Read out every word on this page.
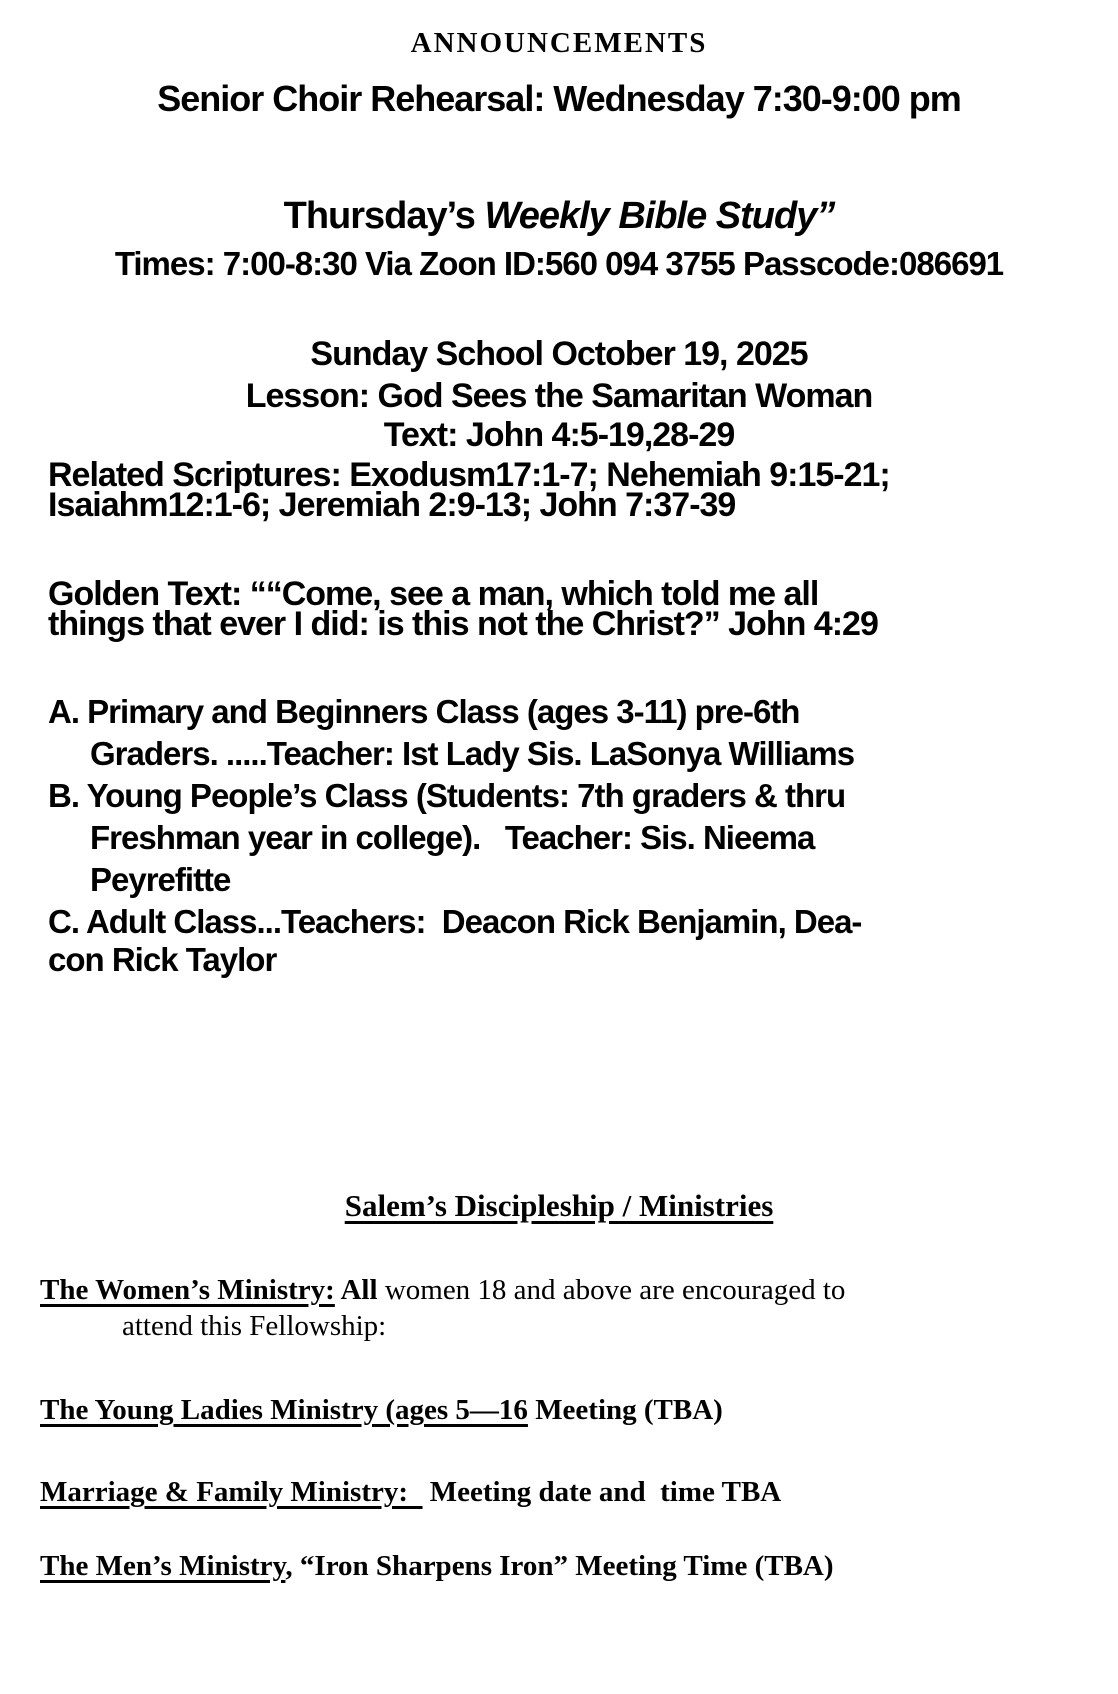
ANNOUNCEMENTS
Senior Choir Rehearsal: Wednesday 7:30-9:00 pm
Thursday’s Weekly Bible Study”
Times: 7:00-8:30 Via Zoon ID:560 094 3755 Passcode:086691
Sunday School October 19, 2025
Lesson: God Sees the Samaritan Woman
Text: John 4:5-19,28-29
Related Scriptures: Exodusm17:1-7; Nehemiah 9:15-21;
Isaiahm12:1-6; Jeremiah 2:9-13; John 7:37-39
Golden Text: ““Come, see a man, which told me all
things that ever I did: is this not the Christ?” John 4:29
A. Primary and Beginners Class (ages 3-11) pre-6th
Graders. .....Teacher: Ist Lady Sis. LaSonya Williams
B. Young People’s Class (Students: 7th graders & thru
Freshman year in college).   Teacher: Sis. Nieema
Peyrefitte
C. Adult Class...Teachers:  Deacon Rick Benjamin, Dea-
con Rick Taylor
Salem’s Discipleship / Ministries
The Women’s Ministry: All women 18 and above are encouraged to
attend this Fellowship:
The Young Ladies Ministry (ages 5—16 Meeting (TBA)
Marriage & Family Ministry:   Meeting date and  time TBA
The Men’s Ministry, “Iron Sharpens Iron” Meeting Time (TBA)
